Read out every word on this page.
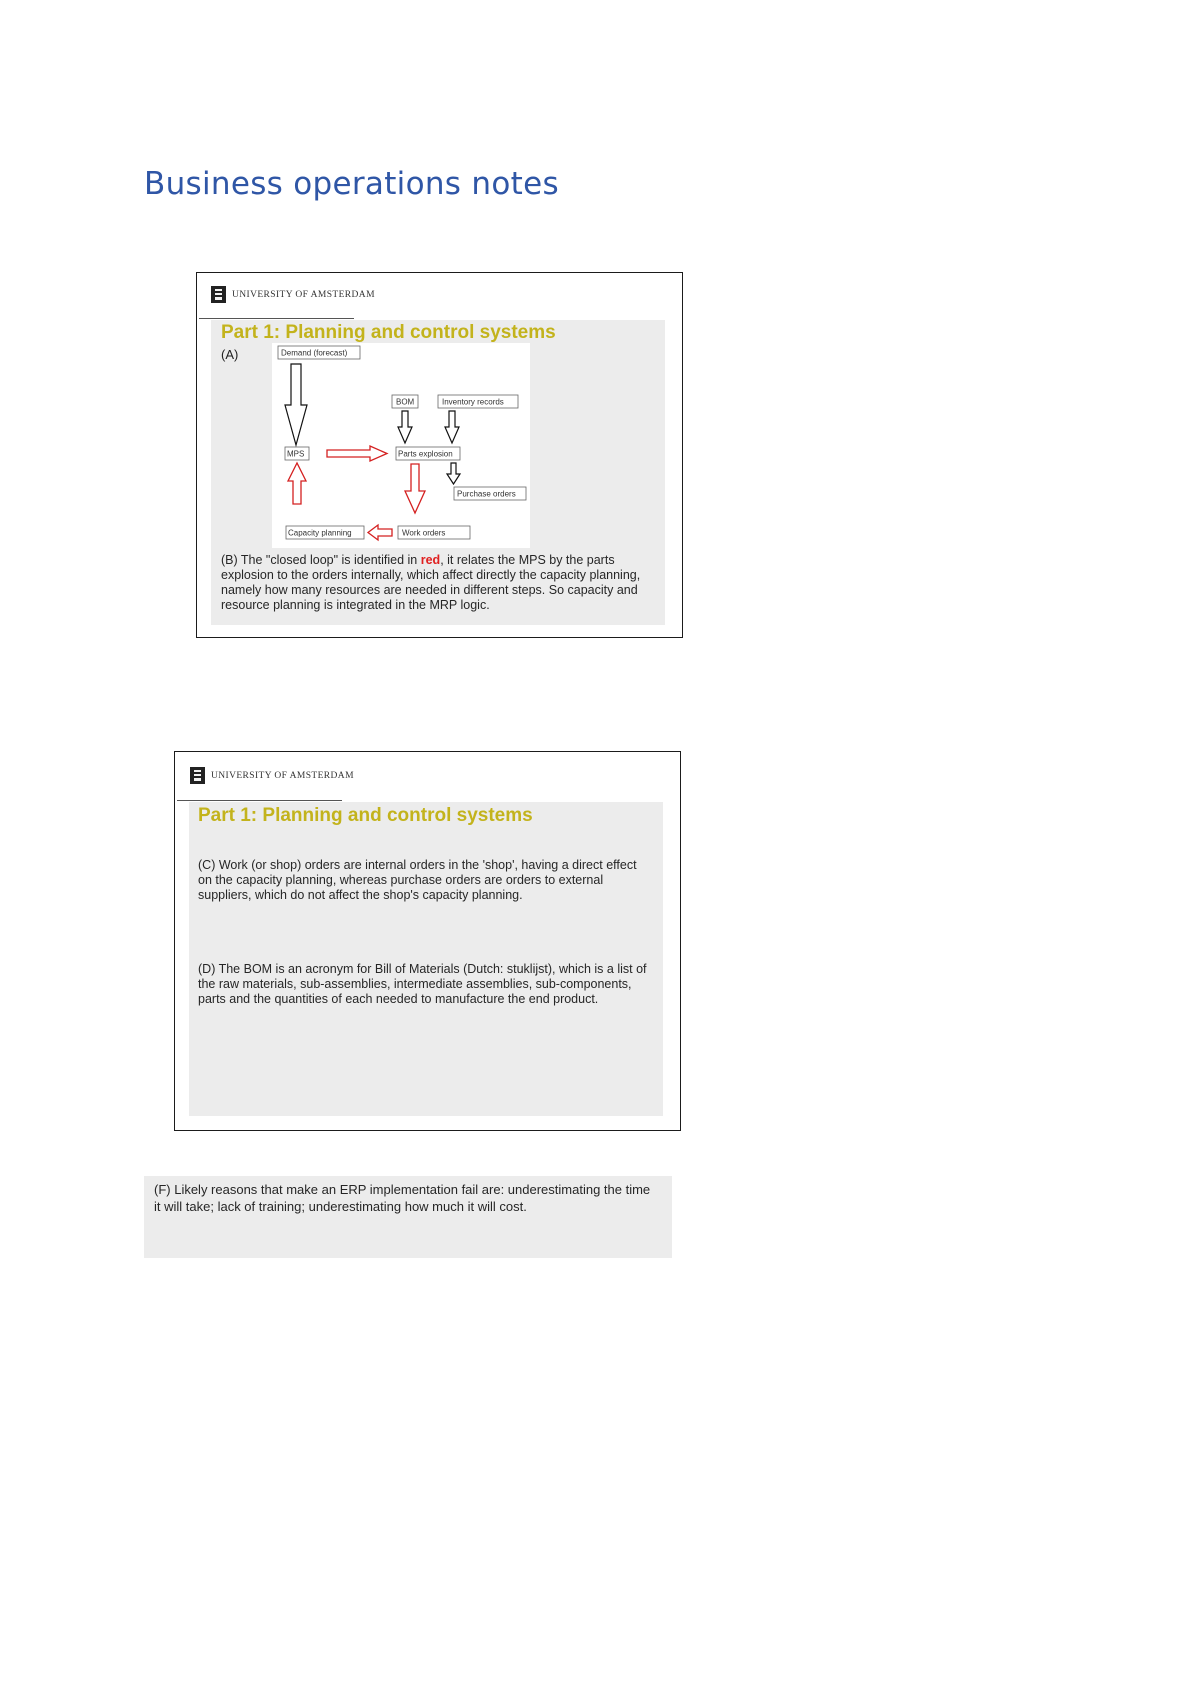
Business operations notes
UNIVERSITY OF AMSTERDAM
Part 1: Planning and control systems
(A)	Demand (forecast)
BOM	Inventory records
MPS	Parts explosion
Purchase orders
Capacity planning	Work orders
(B) The "closed loop" is identified in red, it relates the MPS by the parts explosion to the orders internally, which affect directly the capacity planning, namely how many resources are needed in different steps. So capacity and resource planning is integrated in the MRP logic.
UNIVERSITY OF AMSTERDAM
Part 1: Planning and control systems
(C) Work (or shop) orders are internal orders in the 'shop', having a direct effect on the capacity planning, whereas purchase orders are orders to external suppliers, which do not affect the shop's capacity planning.
(D) The BOM is an acronym for Bill of Materials (Dutch: stuklijst), which is a list of the raw materials, sub-assemblies, intermediate assemblies, sub-components, parts and the quantities of each needed to manufacture the end product.
(F) Likely reasons that make an ERP implementation fail are: underestimating the time it will take; lack of training; underestimating how much it will cost.
